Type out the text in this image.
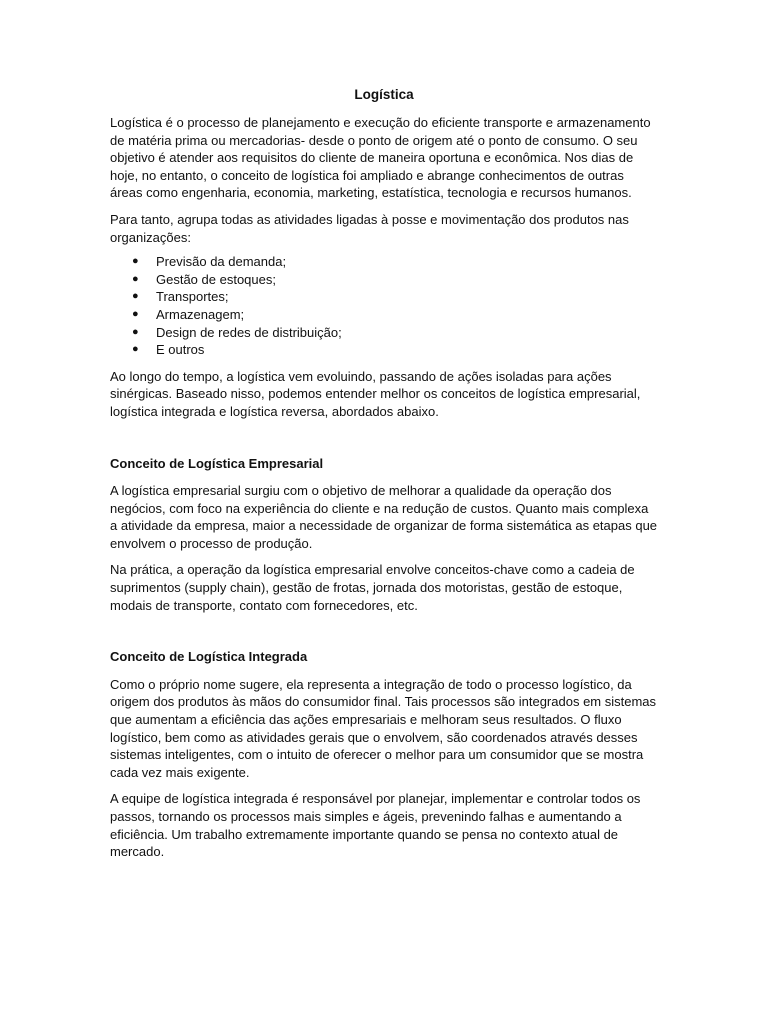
Logística

Logística é o processo de planejamento e execução do eficiente transporte e armazenamento de matéria prima ou mercadorias- desde o ponto de origem até o ponto de consumo. O seu objetivo é atender aos requisitos do cliente de maneira oportuna e econômica. Nos dias de hoje, no entanto, o conceito de logística foi ampliado e abrange conhecimentos de outras áreas como engenharia, economia, marketing, estatística, tecnologia e recursos humanos.

Para tanto, agrupa todas as atividades ligadas à posse e movimentação dos produtos nas organizações:

● Previsão da demanda;
● Gestão de estoques;
● Transportes;
● Armazenagem;
● Design de redes de distribuição;
● E outros

Ao longo do tempo, a logística vem evoluindo, passando de ações isoladas para ações sinérgicas. Baseado nisso, podemos entender melhor os conceitos de logística empresarial, logística integrada e logística reversa, abordados abaixo.

Conceito de Logística Empresarial

A logística empresarial surgiu com o objetivo de melhorar a qualidade da operação dos negócios, com foco na experiência do cliente e na redução de custos. Quanto mais complexa a atividade da empresa, maior a necessidade de organizar de forma sistemática as etapas que envolvem o processo de produção.

Na prática, a operação da logística empresarial envolve conceitos-chave como a cadeia de suprimentos (supply chain), gestão de frotas, jornada dos motoristas, gestão de estoque, modais de transporte, contato com fornecedores, etc.

Conceito de Logística Integrada

Como o próprio nome sugere, ela representa a integração de todo o processo logístico, da origem dos produtos às mãos do consumidor final. Tais processos são integrados em sistemas que aumentam a eficiência das ações empresariais e melhoram seus resultados. O fluxo logístico, bem como as atividades gerais que o envolvem, são coordenados através desses sistemas inteligentes, com o intuito de oferecer o melhor para um consumidor que se mostra cada vez mais exigente.

A equipe de logística integrada é responsável por planejar, implementar e controlar todos os passos, tornando os processos mais simples e ágeis, prevenindo falhas e aumentando a eficiência. Um trabalho extremamente importante quando se pensa no contexto atual de mercado.
